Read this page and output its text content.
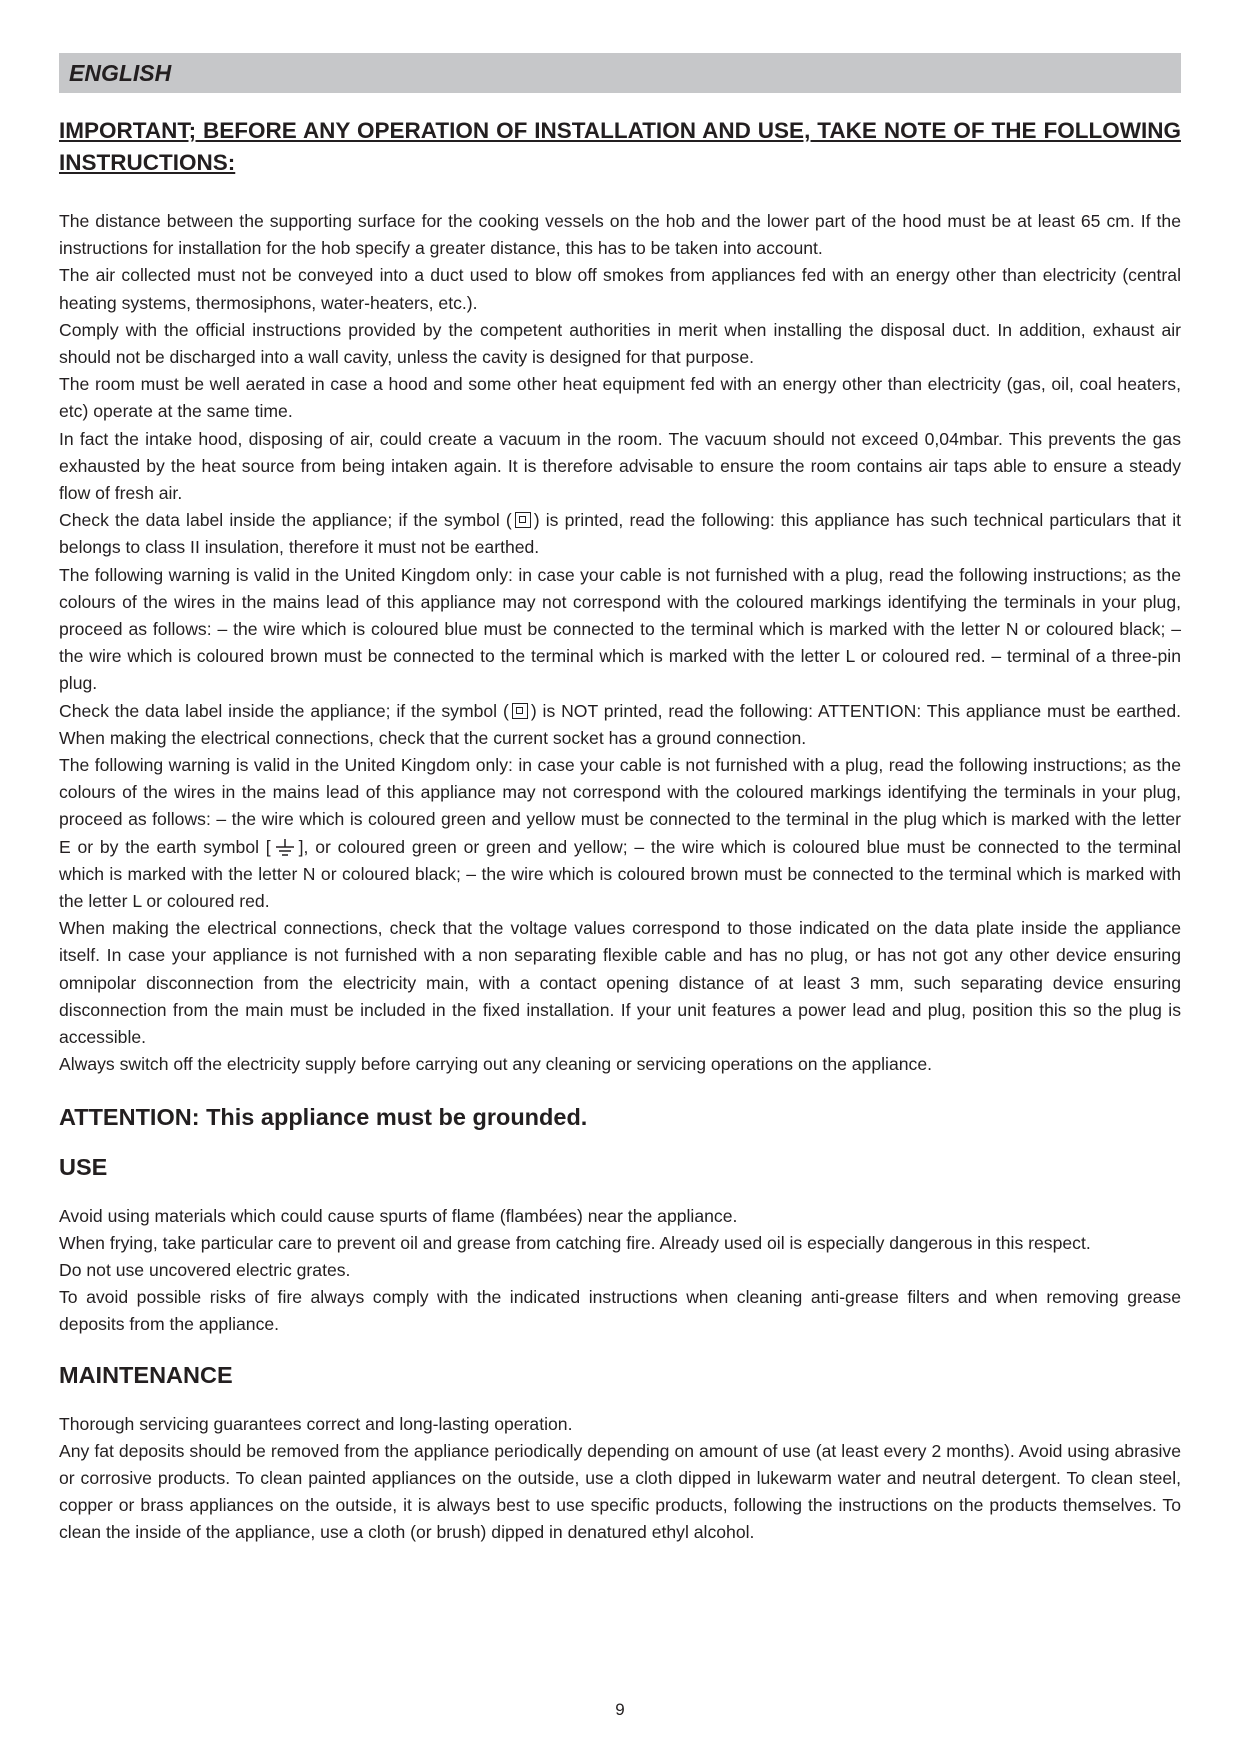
ENGLISH

IMPORTANT; BEFORE ANY OPERATION OF INSTALLATION AND USE, TAKE NOTE OF THE FOLLOWING INSTRUCTIONS:

The distance between the supporting surface for the cooking vessels on the hob and the lower part of the hood must be at least 65 cm. If the instructions for installation for the hob specify a greater distance, this has to be taken into account.

The air collected must not be conveyed into a duct used to blow off smokes from appliances fed with an energy other than electricity (central heating systems, thermosiphons, water-heaters, etc.).

Comply with the official instructions provided by the competent authorities in merit when installing the disposal duct. In addition, exhaust air should not be discharged into a wall cavity, unless the cavity is designed for that purpose.

The room must be well aerated in case a hood and some other heat equipment fed with an energy other than electricity (gas, oil, coal heaters, etc) operate at the same time.

In fact the intake hood, disposing of air, could create a vacuum in the room. The vacuum should not exceed 0,04mbar. This prevents the gas exhausted by the heat source from being intaken again. It is therefore advisable to ensure the room contains air taps able to ensure a steady flow of fresh air.

Check the data label inside the appliance; if the symbol ( ) is printed, read the following: this appliance has such technical particulars that it belongs to class II insulation, therefore it must not be earthed.

The following warning is valid in the United Kingdom only: in case your cable is not furnished with a plug, read the following instructions; as the colours of the wires in the mains lead of this appliance may not correspond with the coloured markings identifying the terminals in your plug, proceed as follows: – the wire which is coloured blue must be connected to the terminal which is marked with the letter N or coloured black; – the wire which is coloured brown must be connected to the terminal which is marked with the letter L or coloured red. – terminal of a three-pin plug.

Check the data label inside the appliance; if the symbol ( ) is NOT printed, read the following: ATTENTION: This appliance must be earthed. When making the electrical connections, check that the current socket has a ground connection.

The following warning is valid in the United Kingdom only: in case your cable is not furnished with a plug, read the following instructions; as the colours of the wires in the mains lead of this appliance may not correspond with the coloured markings identifying the terminals in your plug, proceed as follows: – the wire which is coloured green and yellow must be connected to the terminal in the plug which is marked with the letter E or by the earth symbol [ ], or coloured green or green and yellow; – the wire which is coloured blue must be connected to the terminal which is marked with the letter N or coloured black; – the wire which is coloured brown must be connected to the terminal which is marked with the letter L or coloured red.

When making the electrical connections, check that the voltage values correspond to those indicated on the data plate inside the appliance itself. In case your appliance is not furnished with a non separating flexible cable and has no plug, or has not got any other device ensuring omnipolar disconnection from the electricity main, with a contact opening distance of at least 3 mm, such separating device ensuring disconnection from the main must be included in the fixed installation. If your unit features a power lead and plug, position this so the plug is accessible.

Always switch off the electricity supply before carrying out any cleaning or servicing operations on the appliance.

ATTENTION: This appliance must be grounded.

USE

Avoid using materials which could cause spurts of flame (flambées) near the appliance.

When frying, take particular care to prevent oil and grease from catching fire. Already used oil is especially dangerous in this respect.

Do not use uncovered electric grates.

To avoid possible risks of fire always comply with the indicated instructions when cleaning anti-grease filters and when removing grease deposits from the appliance.

MAINTENANCE

Thorough servicing guarantees correct and long-lasting operation.

Any fat deposits should be removed from the appliance periodically depending on amount of use (at least every 2 months). Avoid using abrasive or corrosive products. To clean painted appliances on the outside, use a cloth dipped in lukewarm water and neutral detergent. To clean steel, copper or brass appliances on the outside, it is always best to use specific products, following the instructions on the products themselves. To clean the inside of the appliance, use a cloth (or brush) dipped in denatured ethyl alcohol.

9
